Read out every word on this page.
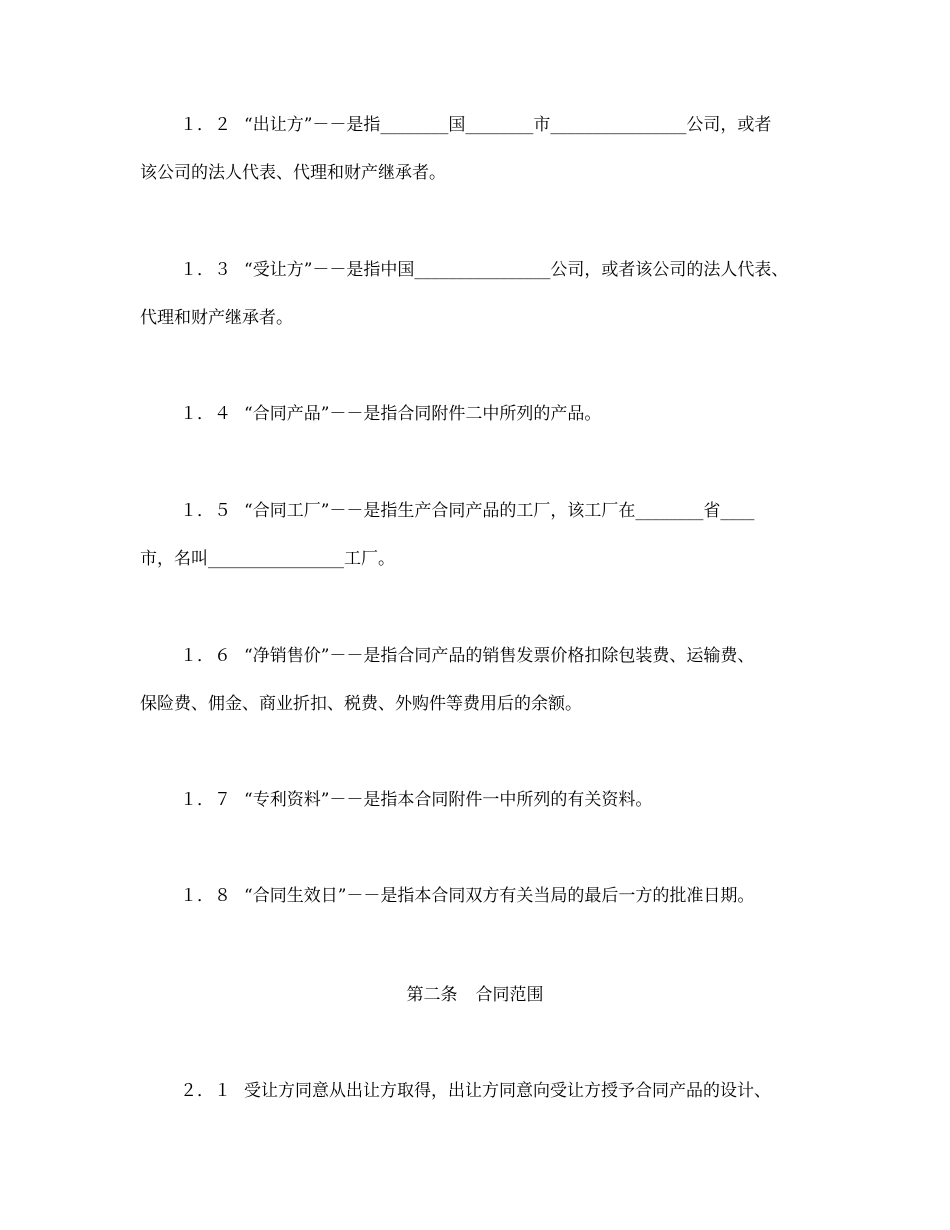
１．２ “出让方”－－是指________国________市________________公司，或者
该公司的法人代表、代理和财产继承者。
１．３ “受让方”－－是指中国________________公司，或者该公司的法人代表、
代理和财产继承者。
１．４ “合同产品”－－是指合同附件二中所列的产品。
１．５ “合同工厂”－－是指生产合同产品的工厂，该工厂在________省____
市，名叫________________工厂。
１．６ “净销售价”－－是指合同产品的销售发票价格扣除包装费、运输费、
保险费、佣金、商业折扣、税费、外购件等费用后的余额。
１．７ “专利资料”－－是指本合同附件一中所列的有关资料。
１．８ “合同生效日”－－是指本合同双方有关当局的最后一方的批准日期。
第二条 合同范围
２．１ 受让方同意从出让方取得，出让方同意向受让方授予合同产品的设计、
